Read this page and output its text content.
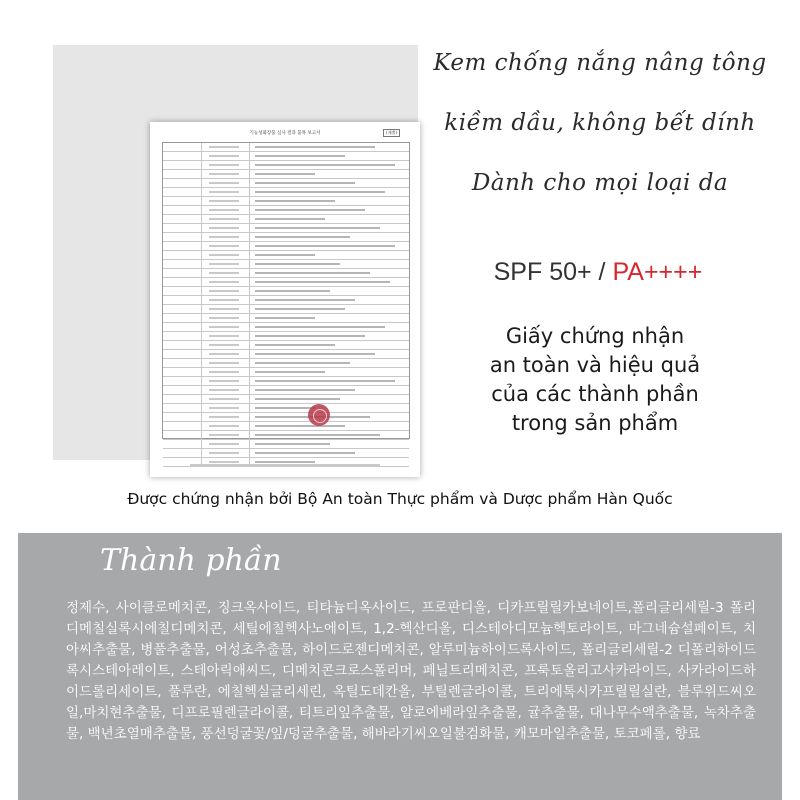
기능성화장품 심사 결과 품목 보고서	(제출)
Kem chống nắng nâng tông
kiềm dầu, không bết dính
Dành cho mọi loại da
SPF 50+ / PA++++
Giấy chứng nhận
an toàn và hiệu quả
của các thành phần
trong sản phẩm
Được chứng nhận bởi Bộ An toàn Thực phẩm và Dược phẩm Hàn Quốc
Thành phần
정제수, 사이클로메치콘, 징크옥사이드, 티타늄디옥사이드, 프로판디올, 디카프릴릴카보네이트,폴리글리세릴-3 폴리디메칠실록시에칠디메치콘, 세틸에칠헥사노에이트, 1,2-헥산디올, 디스테아디모늄헥토라이트, 마그네슘설페이트, 치아씨추출물, 병풀추출물, 어성초추출물, 하이드로젠디메치콘, 알루미늄하이드록사이드, 폴리글리세릴-2 디폴리하이드록시스테아레이트, 스테아릭애씨드, 디메치콘크로스폴리머, 페닐트리메치콘, 프룩토올리고사카라이드, 사카라이드하이드롤리세이트, 풀루란, 에칠헥실글리세린, 옥틸도데칸올, 부틸렌글라이콜, 트리에톡시카프릴릴실란, 블루위드씨오일,마치현추출물, 디프로필렌글라이콜, 티트리잎추출물, 알로에베라잎추출물, 귤추출물, 대나무수액추출물, 녹차추출물, 백년초열매추출물, 풍선덩굴꽃/잎/덩굴추출물, 해바라기씨오일불검화물, 캐모마일추출물, 토코페롤, 향료
